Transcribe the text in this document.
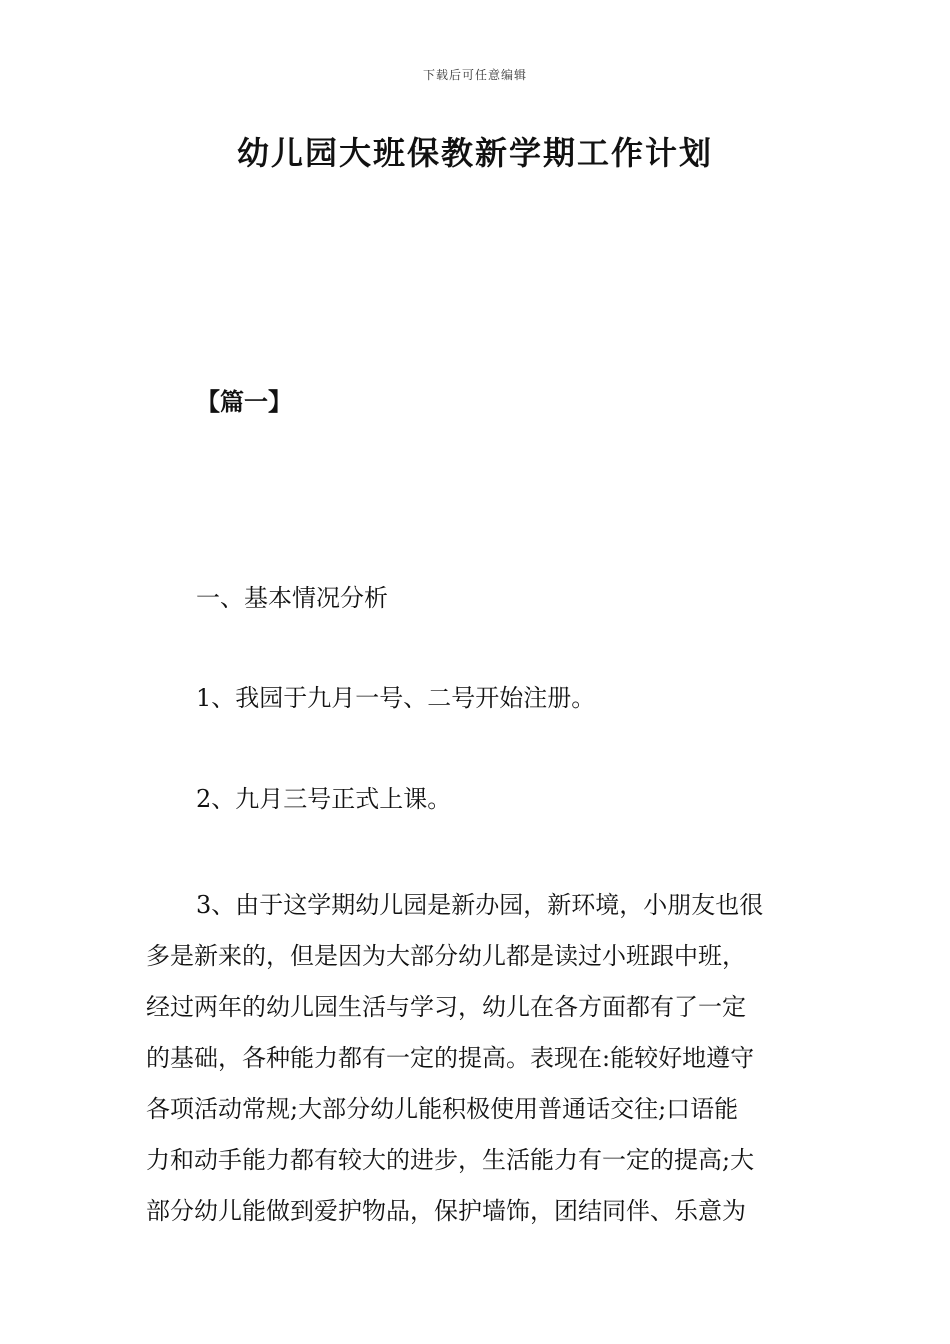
下载后可任意编辑
幼儿园大班保教新学期工作计划
【篇一】
一、基本情况分析
1、我园于九月一号、二号开始注册。
2、九月三号正式上课。
3、由于这学期幼儿园是新办园，新环境，小朋友也很
多是新来的，但是因为大部分幼儿都是读过小班跟中班，
经过两年的幼儿园生活与学习，幼儿在各方面都有了一定
的基础，各种能力都有一定的提高。表现在:能较好地遵守
各项活动常规;大部分幼儿能积极使用普通话交往;口语能
力和动手能力都有较大的进步，生活能力有一定的提高;大
部分幼儿能做到爱护物品，保护墙饰，团结同伴、乐意为
